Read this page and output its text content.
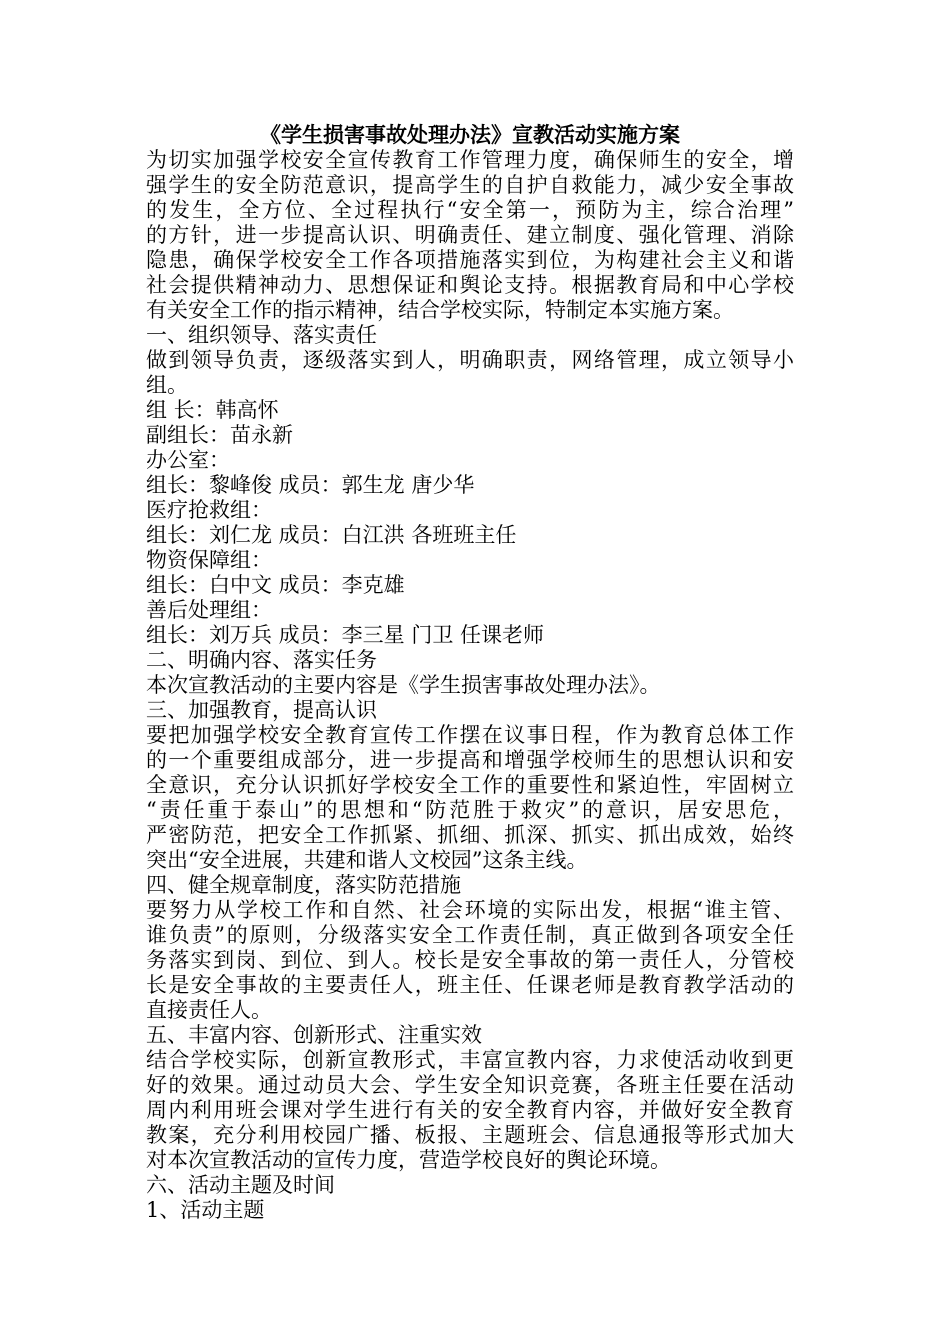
《学生损害事故处理办法》宣教活动实施方案
为切实加强学校安全宣传教育工作管理力度，确保师生的安全，增
强学生的安全防范意识，提高学生的自护自救能力，减少安全事故
的发生，全方位、全过程执行“安全第一，预防为主，综合治理”
的方针，进一步提高认识、明确责任、建立制度、强化管理、消除
隐患，确保学校安全工作各项措施落实到位，为构建社会主义和谐
社会提供精神动力、思想保证和舆论支持。根据教育局和中心学校
有关安全工作的指示精神，结合学校实际，特制定本实施方案。
一、组织领导、落实责任
做到领导负责，逐级落实到人，明确职责，网络管理，成立领导小
组。
组 长：韩高怀
副组长：苗永新
办公室：
组长：黎峰俊 成员：郭生龙 唐少华
医疗抢救组：
组长：刘仁龙 成员：白江洪 各班班主任
物资保障组：
组长：白中文 成员：李克雄
善后处理组：
组长：刘万兵 成员：李三星 门卫 任课老师
二、明确内容、落实任务
本次宣教活动的主要内容是《学生损害事故处理办法》。
三、加强教育，提高认识
要把加强学校安全教育宣传工作摆在议事日程，作为教育总体工作
的一个重要组成部分，进一步提高和增强学校师生的思想认识和安
全意识，充分认识抓好学校安全工作的重要性和紧迫性，牢固树立
“责任重于泰山”的思想和“防范胜于救灾”的意识，居安思危，
严密防范，把安全工作抓紧、抓细、抓深、抓实、抓出成效，始终
突出“安全进展，共建和谐人文校园”这条主线。
四、健全规章制度，落实防范措施
要努力从学校工作和自然、社会环境的实际出发，根据“谁主管、
谁负责”的原则，分级落实安全工作责任制，真正做到各项安全任
务落实到岗、到位、到人。校长是安全事故的第一责任人，分管校
长是安全事故的主要责任人，班主任、任课老师是教育教学活动的
直接责任人。
五、丰富内容、创新形式、注重实效
结合学校实际，创新宣教形式，丰富宣教内容，力求使活动收到更
好的效果。通过动员大会、学生安全知识竞赛，各班主任要在活动
周内利用班会课对学生进行有关的安全教育内容，并做好安全教育
教案，充分利用校园广播、板报、主题班会、信息通报等形式加大
对本次宣教活动的宣传力度，营造学校良好的舆论环境。
六、活动主题及时间
1、活动主题
